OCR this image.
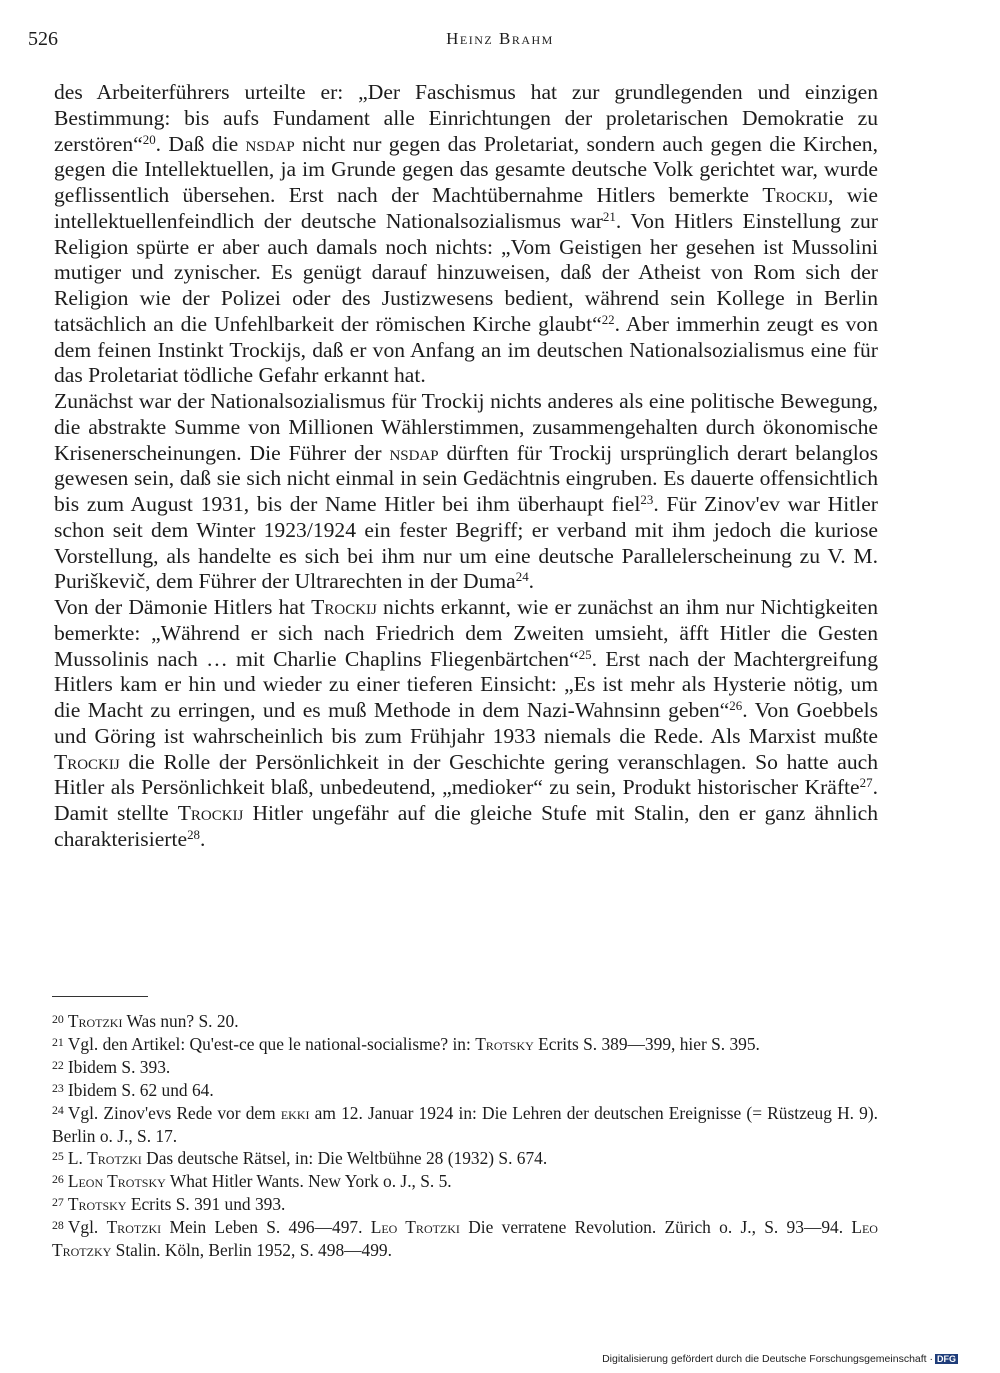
526	Heinz Brahm

des Arbeiterführers urteilte er: „Der Faschismus hat zur grundlegenden und einzigen Bestimmung: bis aufs Fundament alle Einrichtungen der proletarischen Demokratie zu zerstören“$^{20}$. Daß die nsdap nicht nur gegen das Proletariat, sondern auch gegen die Kirchen, gegen die Intellektuellen, ja im Grunde gegen das gesamte deutsche Volk gerichtet war, wurde geflissentlich übersehen. Erst nach der Machtübernahme Hitlers bemerkte Trockij, wie intellektuellenfeindlich der deutsche Nationalsozialismus war$^{21}$. Von Hitlers Einstellung zur Religion spürte er aber auch damals noch nichts: „Vom Geistigen her gesehen ist Mussolini mutiger und zynischer. Es genügt darauf hinzuweisen, daß der Atheist von Rom sich der Religion wie der Polizei oder des Justizwesens bedient, während sein Kollege in Berlin tatsächlich an die Unfehlbarkeit der römischen Kirche glaubt“$^{22}$. Aber immerhin zeugt es von dem feinen Instinkt Trockijs, daß er von Anfang an im deutschen Nationalsozialismus eine für das Proletariat tödliche Gefahr erkannt hat.

Zunächst war der Nationalsozialismus für Trockij nichts anderes als eine politische Bewegung, die abstrakte Summe von Millionen Wählerstimmen, zusammengehalten durch ökonomische Krisenerscheinungen. Die Führer der nsdap dürften für Trockij ursprünglich derart belanglos gewesen sein, daß sie sich nicht einmal in sein Gedächtnis eingruben. Es dauerte offensichtlich bis zum August 1931, bis der Name Hitler bei ihm überhaupt fiel$^{23}$. Für Zinov'ev war Hitler schon seit dem Winter 1923/1924 ein fester Begriff; er verband mit ihm jedoch die kuriose Vorstellung, als handelte es sich bei ihm nur um eine deutsche Parallelerscheinung zu V. M. Puriškevič, dem Führer der Ultrarechten in der Duma$^{24}$.

Von der Dämonie Hitlers hat Trockij nichts erkannt, wie er zunächst an ihm nur Nichtigkeiten bemerkte: „Während er sich nach Friedrich dem Zweiten umsieht, äfft Hitler die Gesten Mussolinis nach … mit Charlie Chaplins Fliegenbärtchen“$^{25}$. Erst nach der Machtergreifung Hitlers kam er hin und wieder zu einer tieferen Einsicht: „Es ist mehr als Hysterie nötig, um die Macht zu erringen, und es muß Methode in dem Nazi-Wahnsinn geben“$^{26}$. Von Goebbels und Göring ist wahrscheinlich bis zum Frühjahr 1933 niemals die Rede. Als Marxist mußte Trockij die Rolle der Persönlichkeit in der Geschichte gering veranschlagen. So hatte auch Hitler als Persönlichkeit blaß, unbedeutend, „medioker“ zu sein, Produkt historischer Kräfte$^{27}$. Damit stellte Trockij Hitler ungefähr auf die gleiche Stufe mit Stalin, den er ganz ähnlich charakterisierte$^{28}$.

$^{20}$ Trotzki Was nun? S. 20.

$^{21}$ Vgl. den Artikel: Qu'est-ce que le national-socialisme? in: Trotsky Ecrits S. 389—399, hier S. 395.

$^{22}$ Ibidem S. 393.

$^{23}$ Ibidem S. 62 und 64.

$^{24}$ Vgl. Zinov'evs Rede vor dem ekki am 12. Januar 1924 in: Die Lehren der deutschen Ereignisse (= Rüstzeug H. 9). Berlin o. J., S. 17.

$^{25}$ L. Trotzki Das deutsche Rätsel, in: Die Weltbühne 28 (1932) S. 674.

$^{26}$ Leon Trotsky What Hitler Wants. New York o. J., S. 5.

$^{27}$ Trotsky Ecrits S. 391 und 393.

$^{28}$ Vgl. Trotzki Mein Leben S. 496—497. Leo Trotzki Die verratene Revolution. Zürich o. J., S. 93—94. Leo Trotzky Stalin. Köln, Berlin 1952, S. 498—499.

Digitalisierung gefördert durch die Deutsche Forschungsgemeinschaft · DFG
